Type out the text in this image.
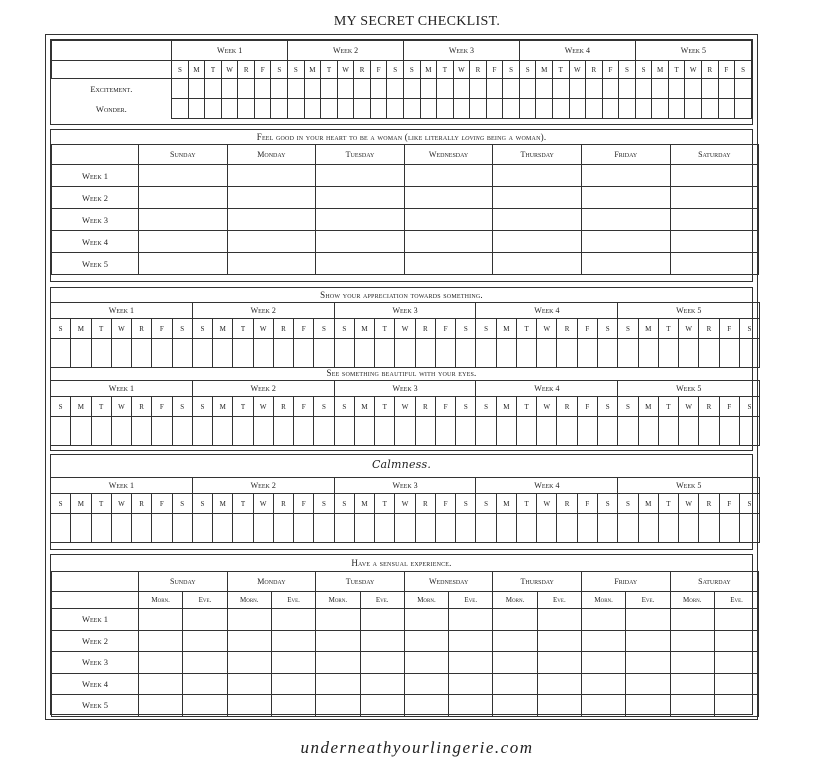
MY SECRET CHECKLIST.
	Week 1							Week 2							Week 3							Week 4							Week 5						
	S	M	T	W	R	F	S	S	M	T	W	R	F	S	S	M	T	W	R	F	S	S	M	T	W	R	F	S	S	M	T	W	R	F	S
Excitement.																																			
Wonder.																																			
Feel good in your heart to be a woman (like literally loving being a woman).
	Sunday	Monday	Tuesday	Wednesday	Thursday	Friday	Saturday
Week 1							
Week 2							
Week 3							
Week 4							
Week 5							
Show your appreciation towards something.
Week 1							Week 2							Week 3							Week 4							Week 5						
S	M	T	W	R	F	S	S	M	T	W	R	F	S	S	M	T	W	R	F	S	S	M	T	W	R	F	S	S	M	T	W	R	F	S

See something beautiful with your eyes.
Week 1							Week 2							Week 3							Week 4							Week 5						
S	M	T	W	R	F	S	S	M	T	W	R	F	S	S	M	T	W	R	F	S	S	M	T	W	R	F	S	S	M	T	W	R	F	S

Calmness.
Week 1							Week 2							Week 3							Week 4							Week 5						
S	M	T	W	R	F	S	S	M	T	W	R	F	S	S	M	T	W	R	F	S	S	M	T	W	R	F	S	S	M	T	W	R	F	S

Have a sensual experience.
	Sunday		Monday		Tuesday		Wednesday		Thursday		Friday		Saturday	
	Morn.	Eve.	Morn.	Eve.	Morn.	Eve.	Morn.	Eve.	Morn.	Eve.	Morn.	Eve.	Morn.	Eve.
Week 1														
Week 2														
Week 3														
Week 4														
Week 5														
underneathyourlingerie.com
